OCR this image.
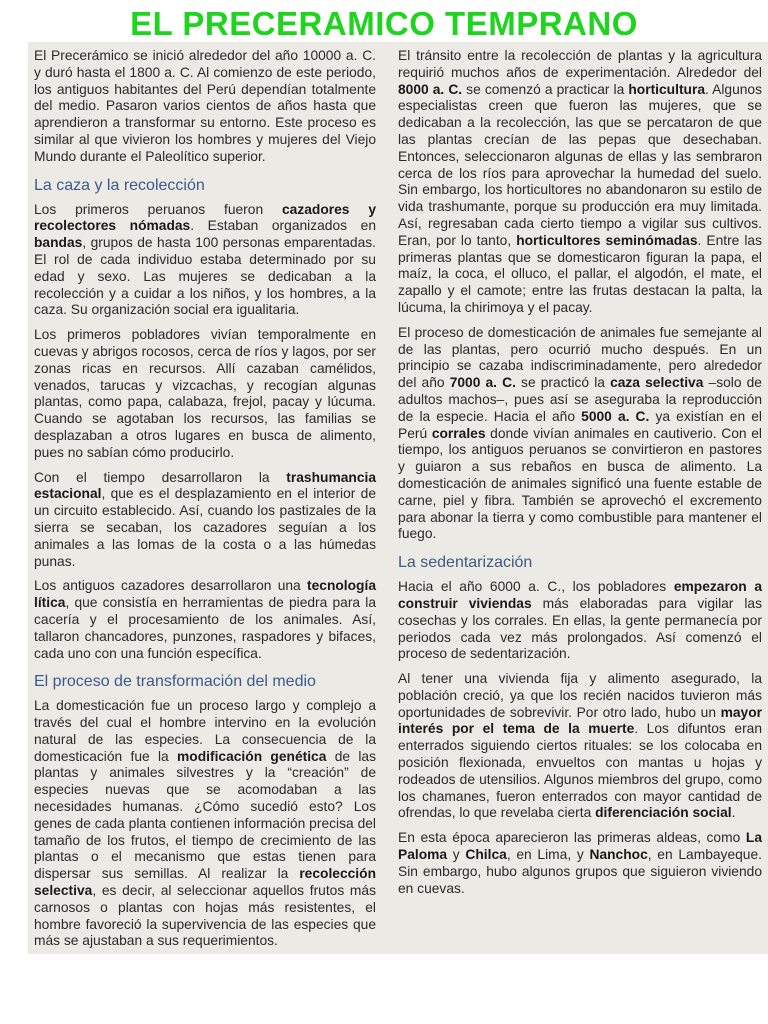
EL PRECERAMICO TEMPRANO

El Precerámico se inició alrededor del año 10000 a. C. y duró hasta el 1800 a. C. Al comienzo de este periodo, los antiguos habitantes del Perú dependían totalmente del medio. Pasaron varios cientos de años hasta que aprendieron a transformar su entorno. Este proceso es similar al que vivieron los hombres y mujeres del Viejo Mundo durante el Paleolítico superior.

La caza y la recolección

Los primeros peruanos fueron cazadores y recolectores nómadas. Estaban organizados en bandas, grupos de hasta 100 personas emparentadas. El rol de cada individuo estaba determinado por su edad y sexo. Las mujeres se dedicaban a la recolección y a cuidar a los niños, y los hombres, a la caza. Su organización social era igualitaria.

Los primeros pobladores vivían temporalmente en cuevas y abrigos rocosos, cerca de ríos y lagos, por ser zonas ricas en recursos. Allí cazaban camélidos, venados, tarucas y vizcachas, y recogían algunas plantas, como papa, calabaza, frejol, pacay y lúcuma. Cuando se agotaban los recursos, las familias se desplazaban a otros lugares en busca de alimento, pues no sabían cómo producirlo.

Con el tiempo desarrollaron la trashumancia estacional, que es el desplazamiento en el interior de un circuito establecido. Así, cuando los pastizales de la sierra se secaban, los cazadores seguían a los animales a las lomas de la costa o a las húmedas punas.

Los antiguos cazadores desarrollaron una tecnología lítica, que consistía en herramientas de piedra para la cacería y el procesamiento de los animales. Así, tallaron chancadores, punzones, raspadores y bifaces, cada uno con una función específica.

El proceso de transformación del medio

La domesticación fue un proceso largo y complejo a través del cual el hombre intervino en la evolución natural de las especies. La consecuencia de la domesticación fue la modificación genética de las plantas y animales silvestres y la “creación” de especies nuevas que se acomodaban a las necesidades humanas. ¿Cómo sucedió esto? Los genes de cada planta contienen información precisa del tamaño de los frutos, el tiempo de crecimiento de las plantas o el mecanismo que estas tienen para dispersar sus semillas. Al realizar la recolección selectiva, es decir, al seleccionar aquellos frutos más carnosos o plantas con hojas más resistentes, el hombre favoreció la supervivencia de las especies que más se ajustaban a sus requerimientos.

El tránsito entre la recolección de plantas y la agricultura requirió muchos años de experimentación. Alrededor del 8000 a. C. se comenzó a practicar la horticultura. Algunos especialistas creen que fueron las mujeres, que se dedicaban a la recolección, las que se percataron de que las plantas crecían de las pepas que desechaban. Entonces, seleccionaron algunas de ellas y las sembraron cerca de los ríos para aprovechar la humedad del suelo. Sin embargo, los horticultores no abandonaron su estilo de vida trashumante, porque su producción era muy limitada. Así, regresaban cada cierto tiempo a vigilar sus cultivos. Eran, por lo tanto, horticultores seminómadas. Entre las primeras plantas que se domesticaron figuran la papa, el maíz, la coca, el olluco, el pallar, el algodón, el mate, el zapallo y el camote; entre las frutas destacan la palta, la lúcuma, la chirimoya y el pacay.

El proceso de domesticación de animales fue semejante al de las plantas, pero ocurrió mucho después. En un principio se cazaba indiscriminadamente, pero alrededor del año 7000 a. C. se practicó la caza selectiva –solo de adultos machos–, pues así se aseguraba la reproducción de la especie. Hacia el año 5000 a. C. ya existían en el Perú corrales donde vivían animales en cautiverio. Con el tiempo, los antiguos peruanos se convirtieron en pastores y guiaron a sus rebaños en busca de alimento. La domesticación de animales significó una fuente estable de carne, piel y fibra. También se aprovechó el excremento para abonar la tierra y como combustible para mantener el fuego.

La sedentarización

Hacia el año 6000 a. C., los pobladores empezaron a construir viviendas más elaboradas para vigilar las cosechas y los corrales. En ellas, la gente permanecía por periodos cada vez más prolongados. Así comenzó el proceso de sedentarización.

Al tener una vivienda fija y alimento asegurado, la población creció, ya que los recién nacidos tuvieron más oportunidades de sobrevivir. Por otro lado, hubo un mayor interés por el tema de la muerte. Los difuntos eran enterrados siguiendo ciertos rituales: se los colocaba en posición flexionada, envueltos con mantas u hojas y rodeados de utensilios. Algunos miembros del grupo, como los chamanes, fueron enterrados con mayor cantidad de ofrendas, lo que revelaba cierta diferenciación social.

En esta época aparecieron las primeras aldeas, como La Paloma y Chilca, en Lima, y Nanchoc, en Lambayeque. Sin embargo, hubo algunos grupos que siguieron viviendo en cuevas.
